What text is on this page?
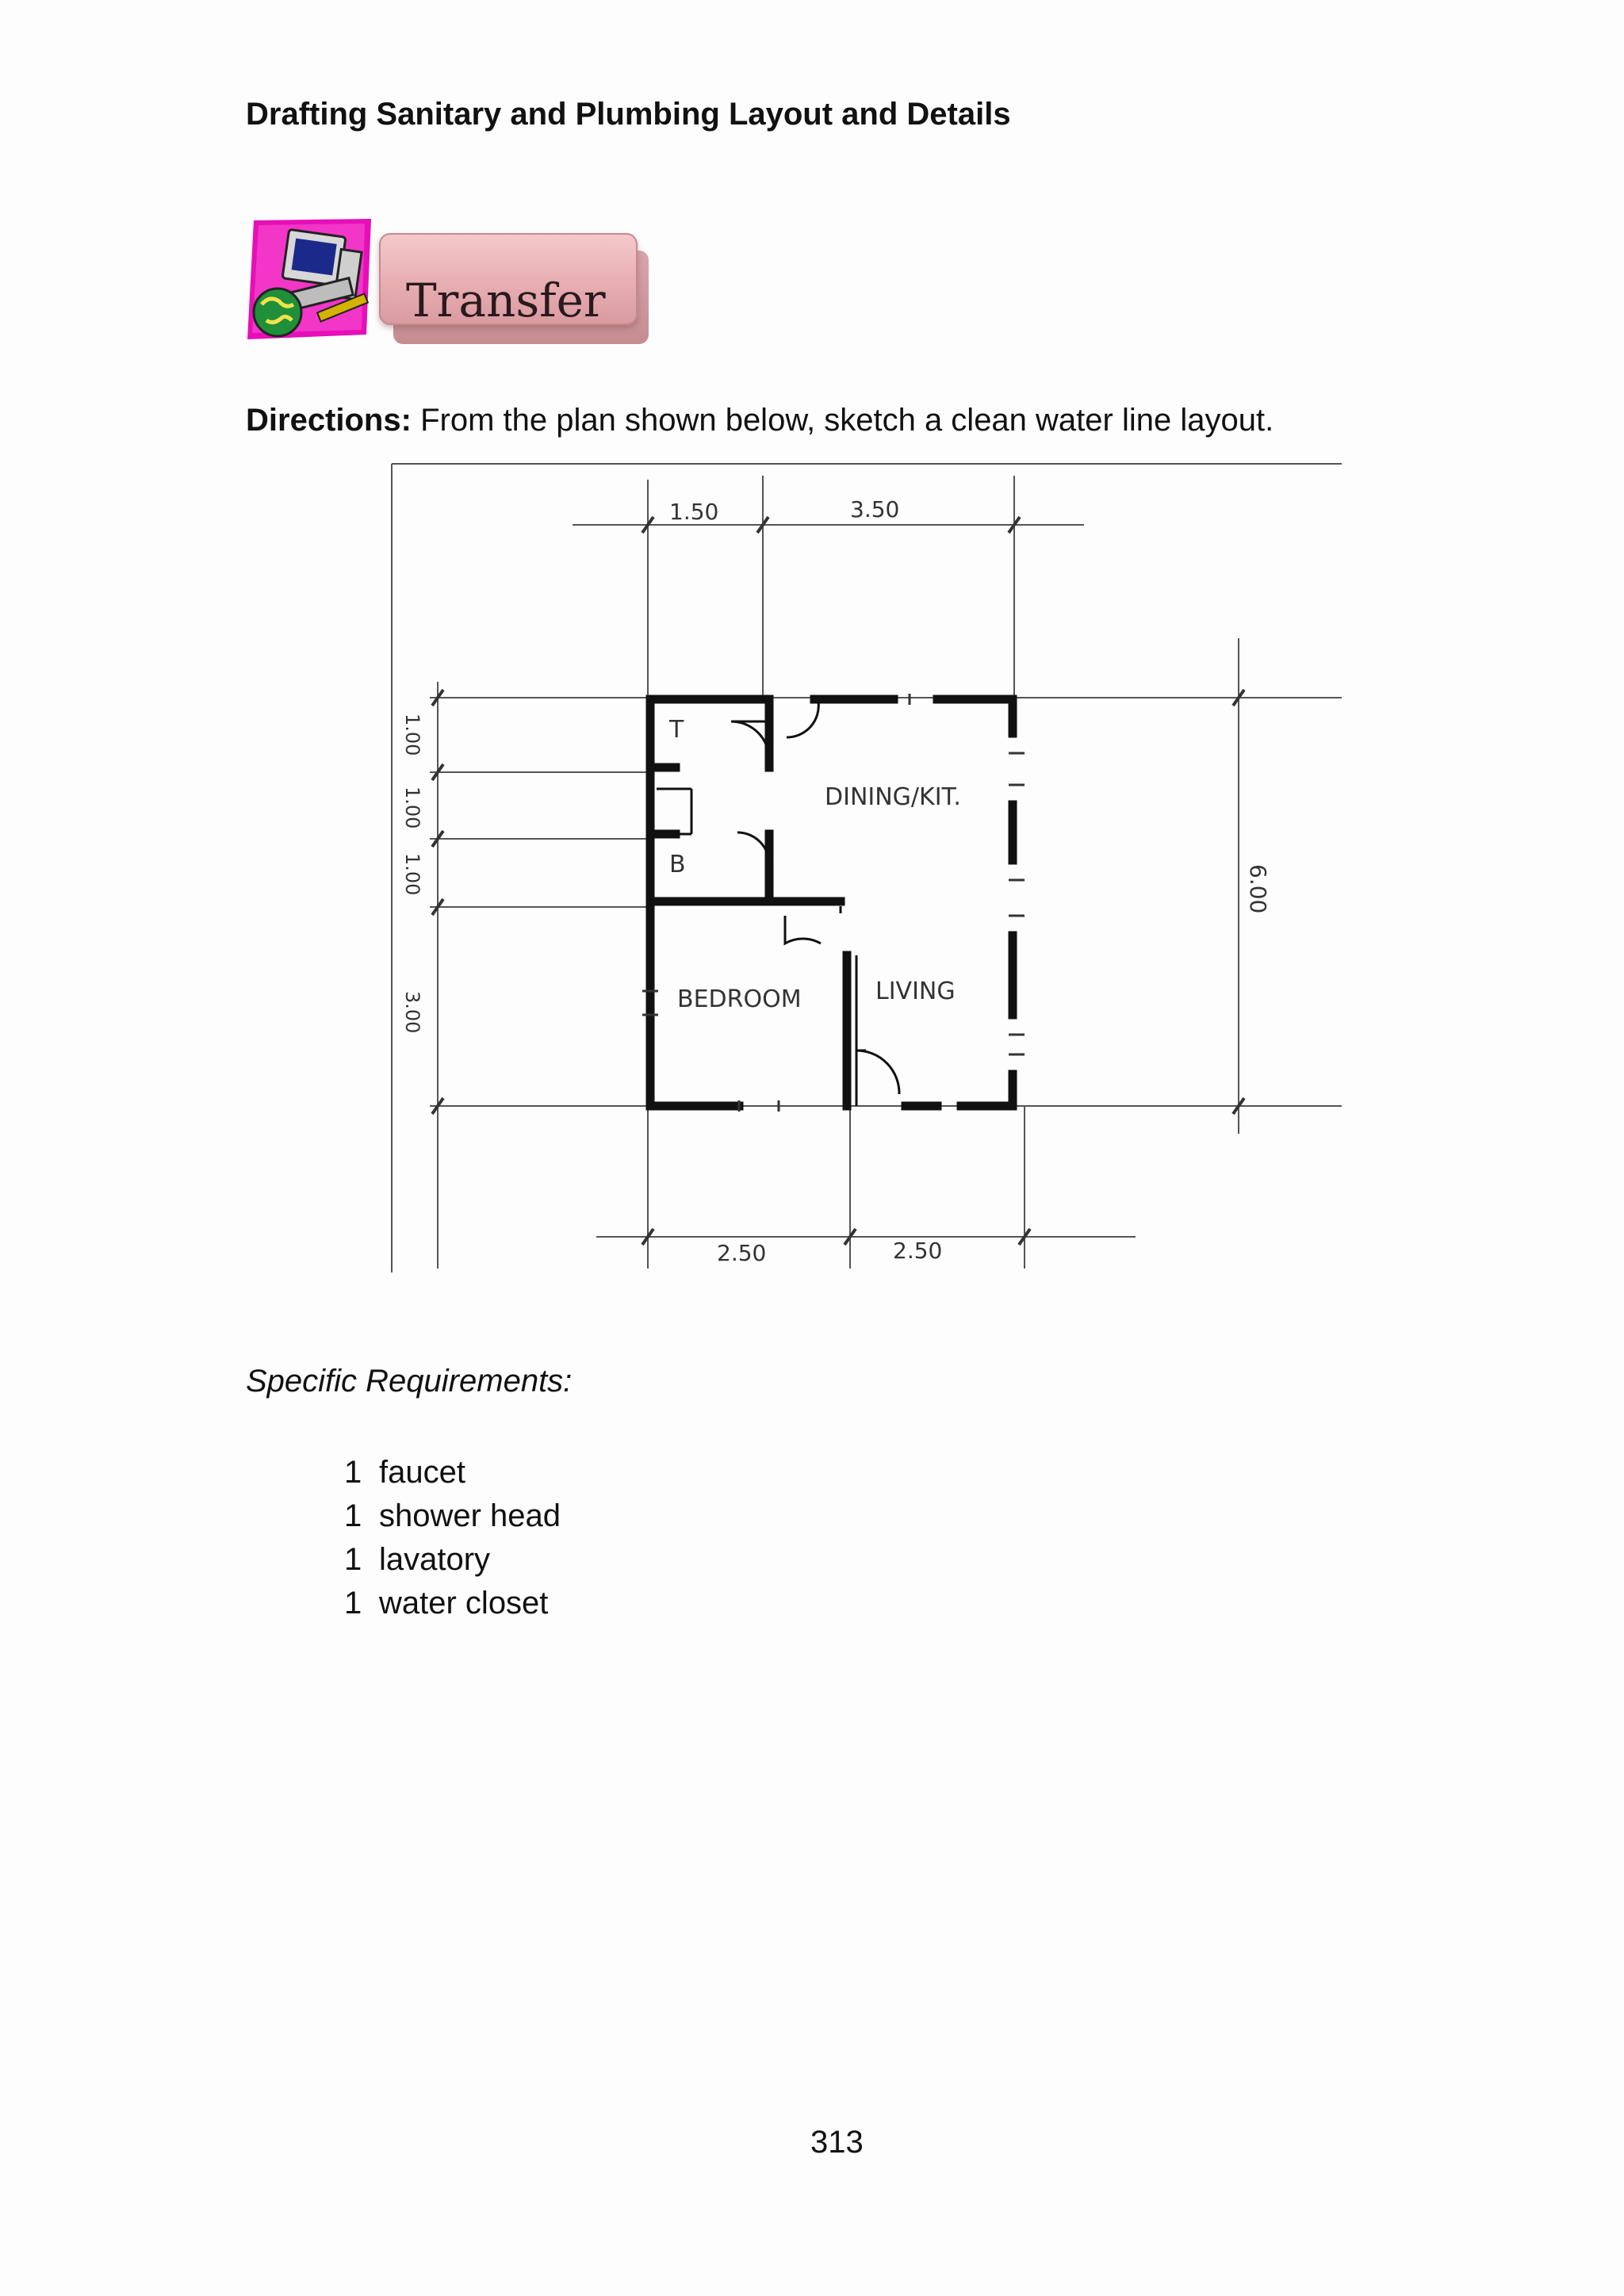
Drafting Sanitary and Plumbing Layout and Details
Transfer
Directions: From the plan shown below, sketch a clean water line layout.
T
B
DINING/KIT.
BEDROOM	LIVING
1.50	3.50
2.50	2.50
6.00
1.00
1.00
1.00
3.00
Specific Requirements:
1 faucet
1 shower head
1 lavatory
1 water closet
313
